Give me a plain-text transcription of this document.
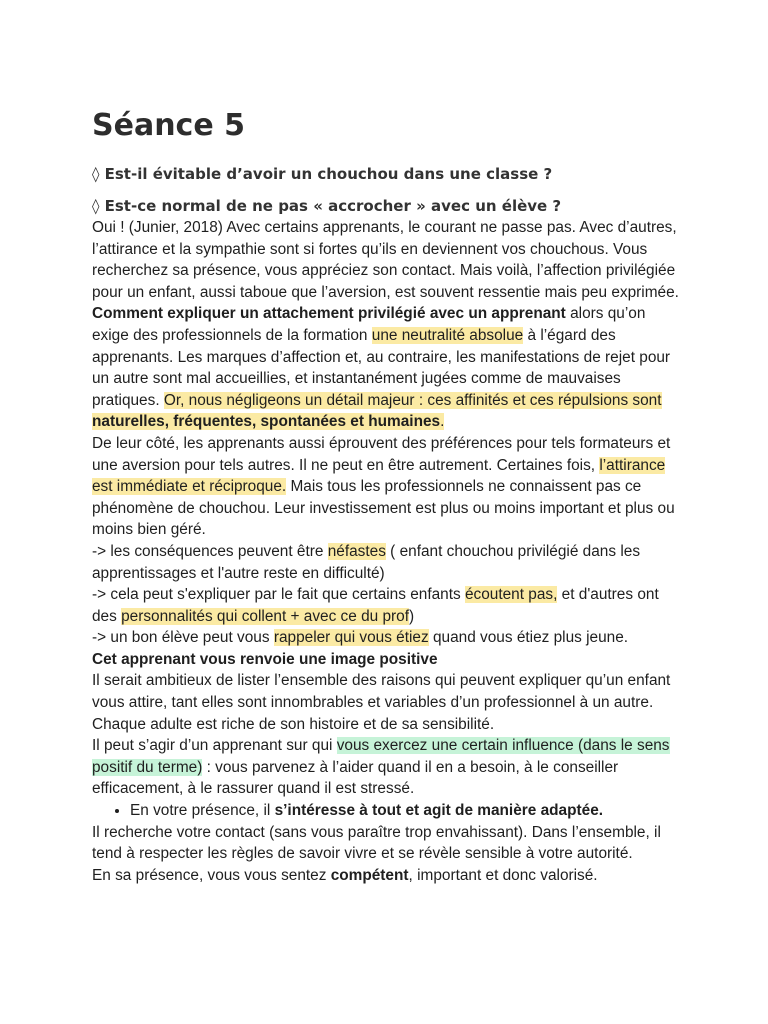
Séance 5
◊ Est-il évitable d’avoir un chouchou dans une classe ?
◊ Est-ce normal de ne pas « accrocher » avec un élève ?

Oui ! (Junier, 2018) Avec certains apprenants, le courant ne passe pas. Avec d’autres, l’attirance et la sympathie sont si fortes qu’ils en deviennent vos chouchous. Vous recherchez sa présence, vous appréciez son contact. Mais voilà, l’affection privilégiée pour un enfant, aussi taboue que l’aversion, est souvent ressentie mais peu exprimée.

Comment expliquer un attachement privilégié avec un apprenant alors qu’on exige des professionnels de la formation une neutralité absolue à l’égard des apprenants. Les marques d’affection et, au contraire, les manifestations de rejet pour un autre sont mal accueillies, et instantanément jugées comme de mauvaises pratiques. Or, nous négligeons un détail majeur : ces affinités et ces répulsions sont naturelles, fréquentes, spontanées et humaines.

De leur côté, les apprenants aussi éprouvent des préférences pour tels formateurs et une aversion pour tels autres. Il ne peut en être autrement. Certaines fois, l’attirance est immédiate et réciproque. Mais tous les professionnels ne connaissent pas ce phénomène de chouchou. Leur investissement est plus ou moins important et plus ou moins bien géré.

-> les conséquences peuvent être néfastes ( enfant chouchou privilégié dans les apprentissages et l'autre reste en difficulté)

-> cela peut s'expliquer par le fait que certains enfants écoutent pas, et d'autres ont des personnalités qui collent + avec ce du prof)

-> un bon élève peut vous rappeler qui vous étiez quand vous étiez plus jeune.

Cet apprenant vous renvoie une image positive

Il serait ambitieux de lister l’ensemble des raisons qui peuvent expliquer qu’un enfant vous attire, tant elles sont innombrables et variables d’un professionnel à un autre. Chaque adulte est riche de son histoire et de sa sensibilité.

Il peut s’agir d’un apprenant sur qui vous exercez une certain influence (dans le sens positif du terme) : vous parvenez à l’aider quand il en a besoin, à le conseiller efficacement, à le rassurer quand il est stressé.

• En votre présence, il s’intéresse à tout et agit de manière adaptée.

Il recherche votre contact (sans vous paraître trop envahissant). Dans l’ensemble, il tend à respecter les règles de savoir vivre et se révèle sensible à votre autorité.

En sa présence, vous vous sentez compétent, important et donc valorisé.
